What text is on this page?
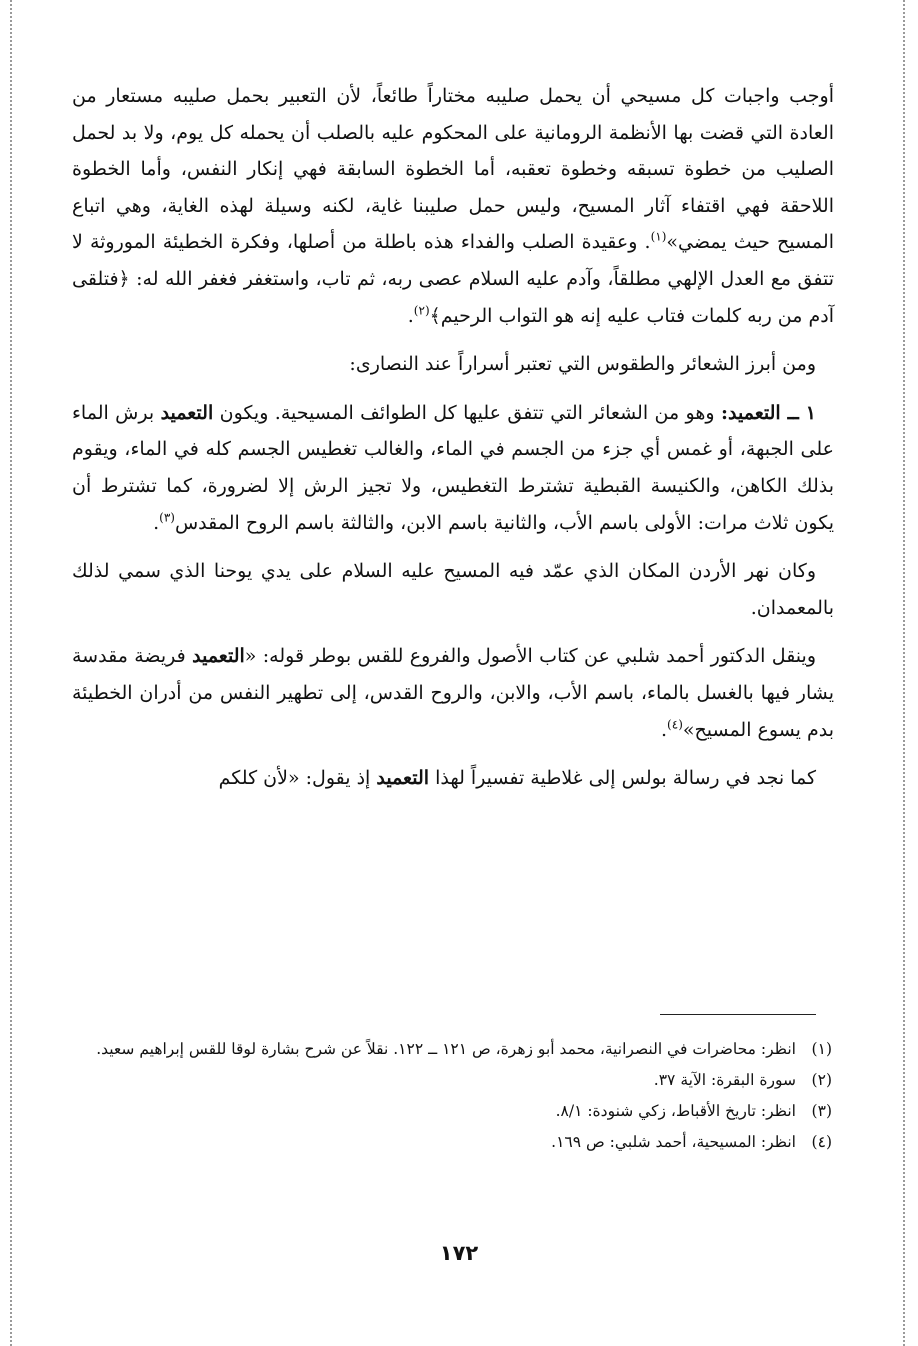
أوجب واجبات كل مسيحي أن يحمل صليبه مختاراً طائعاً، لأن التعبير بحمل صليبه مستعار من العادة التي قضت بها الأنظمة الرومانية على المحكوم عليه بالصلب أن يحمله كل يوم، ولا بد لحمل الصليب من خطوة تسبقه وخطوة تعقبه، أما الخطوة السابقة فهي إنكار النفس، وأما الخطوة اللاحقة فهي اقتفاء آثار المسيح، وليس حمل صليبنا غاية، لكنه وسيلة لهذه الغاية، وهي اتباع المسيح حيث يمضي»$^{(١)}$. وعقيدة الصلب والفداء هذه باطلة من أصلها، وفكرة الخطيئة الموروثة لا تتفق مع العدل الإلهي مطلقاً، وآدم عليه السلام عصى ربه، ثم تاب، واستغفر فغفر الله له: ﴿فتلقى آدم من ربه كلمات فتاب عليه إنه هو التواب الرحيم﴾$^{(٢)}$.

ومن أبرز الشعائر والطقوس التي تعتبر أسراراً عند النصارى:

١ ــ التعميد: وهو من الشعائر التي تتفق عليها كل الطوائف المسيحية. ويكون التعميد برش الماء على الجبهة، أو غمس أي جزء من الجسم في الماء، والغالب تغطيس الجسم كله في الماء، ويقوم بذلك الكاهن، والكنيسة القبطية تشترط التغطيس، ولا تجيز الرش إلا لضرورة، كما تشترط أن يكون ثلاث مرات: الأولى باسم الأب، والثانية باسم الابن، والثالثة باسم الروح المقدس$^{(٣)}$.

وكان نهر الأردن المكان الذي عمّد فيه المسيح عليه السلام على يدي يوحنا الذي سمي لذلك بالمعمدان.

وينقل الدكتور أحمد شلبي عن كتاب الأصول والفروع للقس بوطر قوله: «التعميد فريضة مقدسة يشار فيها بالغسل بالماء، باسم الأب، والابن، والروح القدس، إلى تطهير النفس من أدران الخطيئة بدم يسوع المسيح»$^{(٤)}$.

كما نجد في رسالة بولس إلى غلاطية تفسيراً لهذا التعميد إذ يقول: «لأن كلكم

(١)
انظر: محاضرات في النصرانية، محمد أبو زهرة، ص ١٢١ ــ ١٢٢. نقلاً عن شرح بشارة لوقا للقس إبراهيم سعيد.
(٢)
سورة البقرة: الآية ٣٧.
(٣)
انظر: تاريخ الأقباط، زكي شنودة: ٨/١.
(٤)
انظر: المسيحية، أحمد شلبي: ص ١٦٩.
١٧٢
